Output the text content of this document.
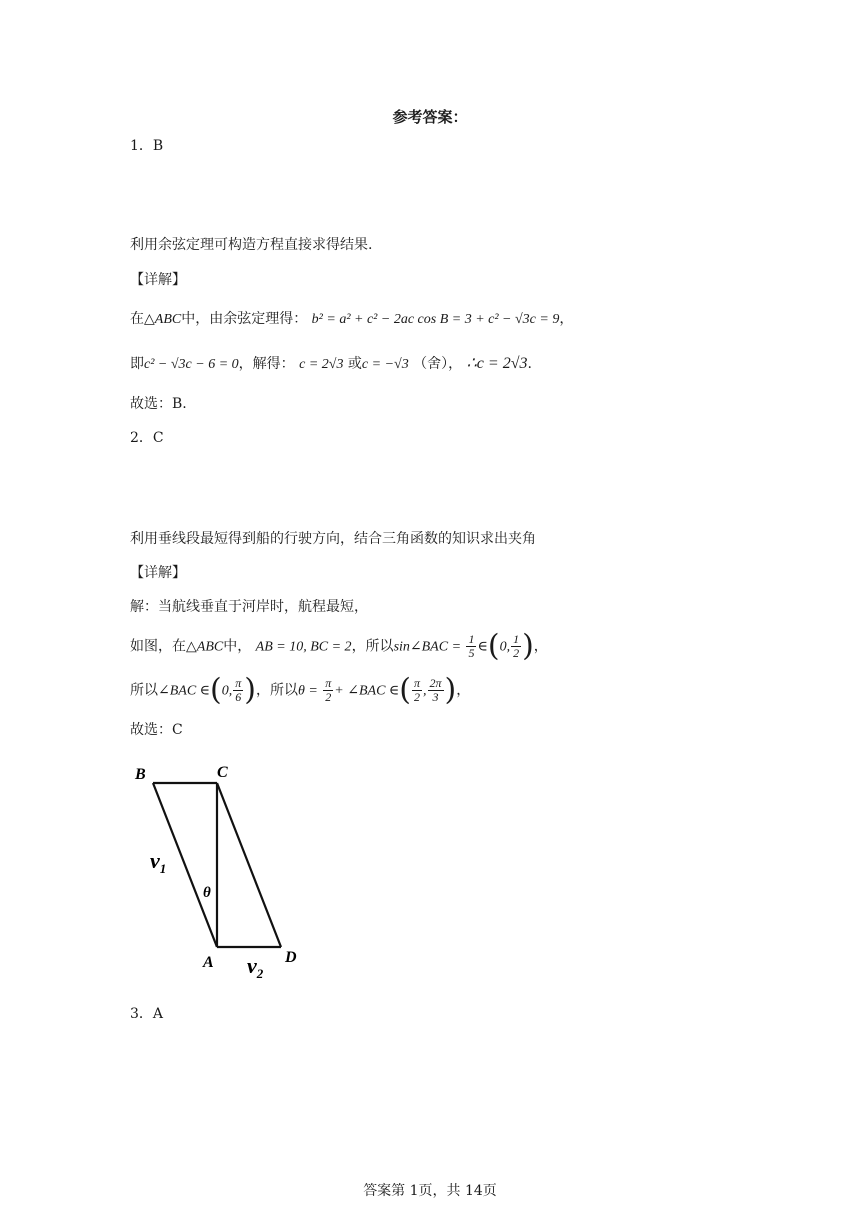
参考答案：
1．B
利用余弦定理可构造方程直接求得结果.
【详解】
在△ABC中，由余弦定理得： b² = a² + c² − 2ac cos B = 3 + c² − √3c = 9，
即c² − √3c − 6 = 0，解得： c = 2√3 或c = −√3 （舍）， ∴c = 2√3.
故选：B.
2．C
利用垂线段最短得到船的行驶方向，结合三角函数的知识求出夹角
【详解】
解：当航线垂直于河岸时，航程最短，
如图，在△ABC中， AB = 10, BC = 2，所以sin∠BAC = $\frac{1}{5}$ ∈(0, $\frac{1}{2}$ )，
所以∠BAC ∈(0, $\frac{\pi}{6}$ )，所以$\theta = \frac{\pi}{2}$ + ∠BAC ∈( $\frac{\pi}{2}$ , $\frac{2\pi}{3}$ )，
故选：C
B	C
A	D
θ
$v_1$
$v_2$
3．A
答案第 1页，共 14页
